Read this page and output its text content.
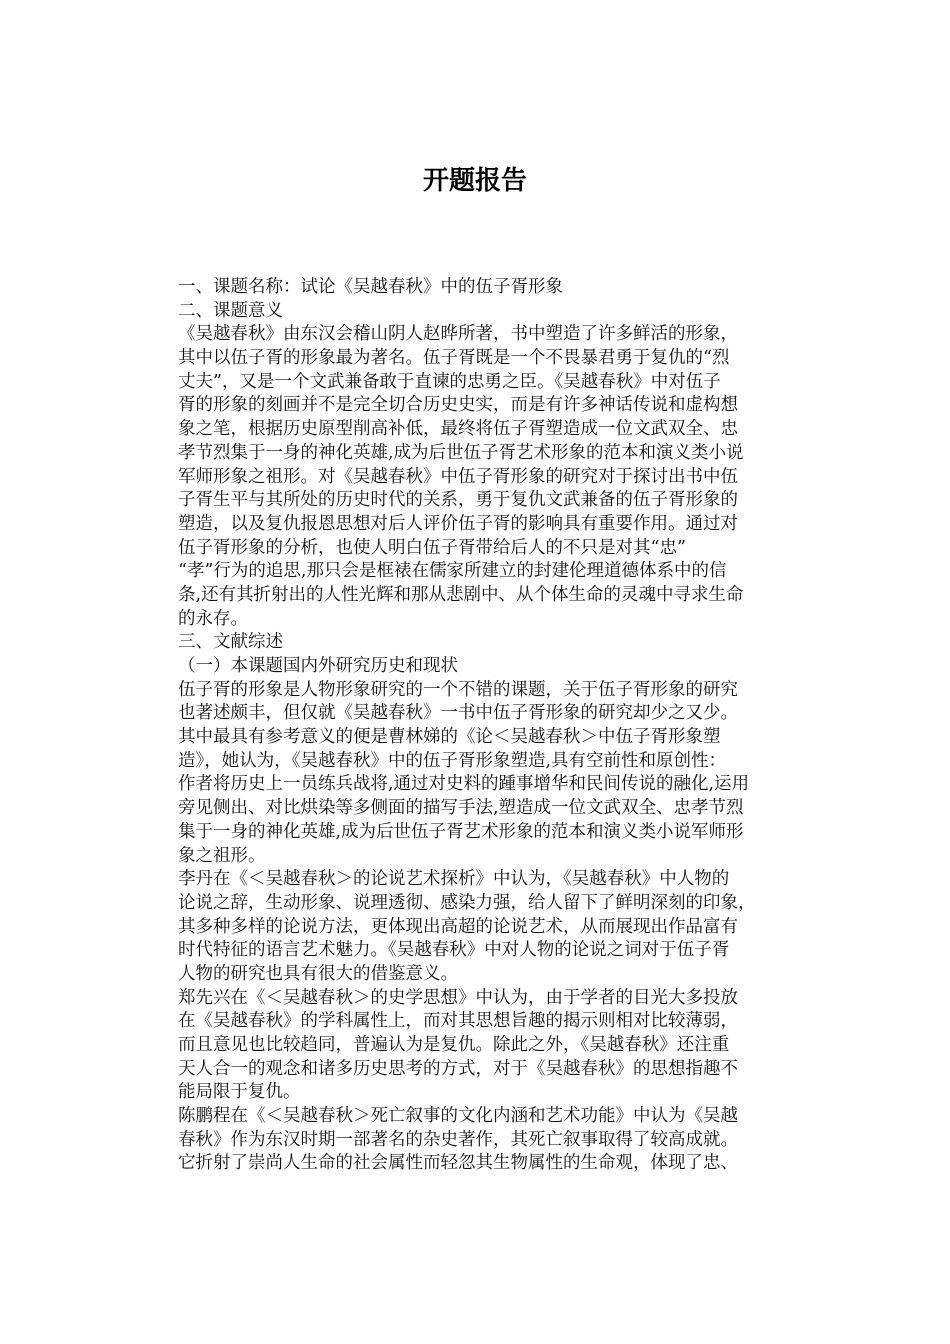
开题报告
一、课题名称：试论《吴越春秋》中的伍子胥形象
二、课题意义
《吴越春秋》由东汉会稽山阴人赵晔所著，书中塑造了许多鲜活的形象，
其中以伍子胥的形象最为著名。伍子胥既是一个不畏暴君勇于复仇的“烈
丈夫”，又是一个文武兼备敢于直谏的忠勇之臣。《吴越春秋》中对伍子
胥的形象的刻画并不是完全切合历史史实，而是有许多神话传说和虚构想
象之笔，根据历史原型削高补低，最终将伍子胥塑造成一位文武双全、忠
孝节烈集于一身的神化英雄,成为后世伍子胥艺术形象的范本和演义类小说
军师形象之祖形。对《吴越春秋》中伍子胥形象的研究对于探讨出书中伍
子胥生平与其所处的历史时代的关系，勇于复仇文武兼备的伍子胥形象的
塑造，以及复仇报恩思想对后人评价伍子胥的影响具有重要作用。通过对
伍子胥形象的分析，也使人明白伍子胥带给后人的不只是对其“忠”
“孝”行为的追思,那只会是框裱在儒家所建立的封建伦理道德体系中的信
条,还有其折射出的人性光辉和那从悲剧中、从个体生命的灵魂中寻求生命
的永存。
三、文献综述
（一）本课题国内外研究历史和现状
伍子胥的形象是人物形象研究的一个不错的课题，关于伍子胥形象的研究
也著述颇丰，但仅就《吴越春秋》一书中伍子胥形象的研究却少之又少。
其中最具有参考意义的便是曹林娣的《论＜吴越春秋＞中伍子胥形象塑
造》，她认为，《吴越春秋》中的伍子胥形象塑造,具有空前性和原创性：
作者将历史上一员练兵战将,通过对史料的踵事增华和民间传说的融化,运用
旁见侧出、对比烘染等多侧面的描写手法,塑造成一位文武双全、忠孝节烈
集于一身的神化英雄,成为后世伍子胥艺术形象的范本和演义类小说军师形
象之祖形。
李丹在《＜吴越春秋＞的论说艺术探析》中认为，《吴越春秋》中人物的
论说之辞，生动形象、说理透彻、感染力强，给人留下了鲜明深刻的印象，
其多种多样的论说方法，更体现出高超的论说艺术，从而展现出作品富有
时代特征的语言艺术魅力。《吴越春秋》中对人物的论说之词对于伍子胥
人物的研究也具有很大的借鉴意义。
郑先兴在《＜吴越春秋＞的史学思想》中认为，由于学者的目光大多投放
在《吴越春秋》的学科属性上，而对其思想旨趣的揭示则相对比较薄弱，
而且意见也比较趋同，普遍认为是复仇。除此之外，《吴越春秋》还注重
天人合一的观念和诸多历史思考的方式，对于《吴越春秋》的思想指趣不
能局限于复仇。
陈鹏程在《＜吴越春秋＞死亡叙事的文化内涵和艺术功能》中认为《吴越
春秋》作为东汉时期一部著名的杂史著作，其死亡叙事取得了较高成就。
它折射了崇尚人生命的社会属性而轻忽其生物属性的生命观，体现了忠、
